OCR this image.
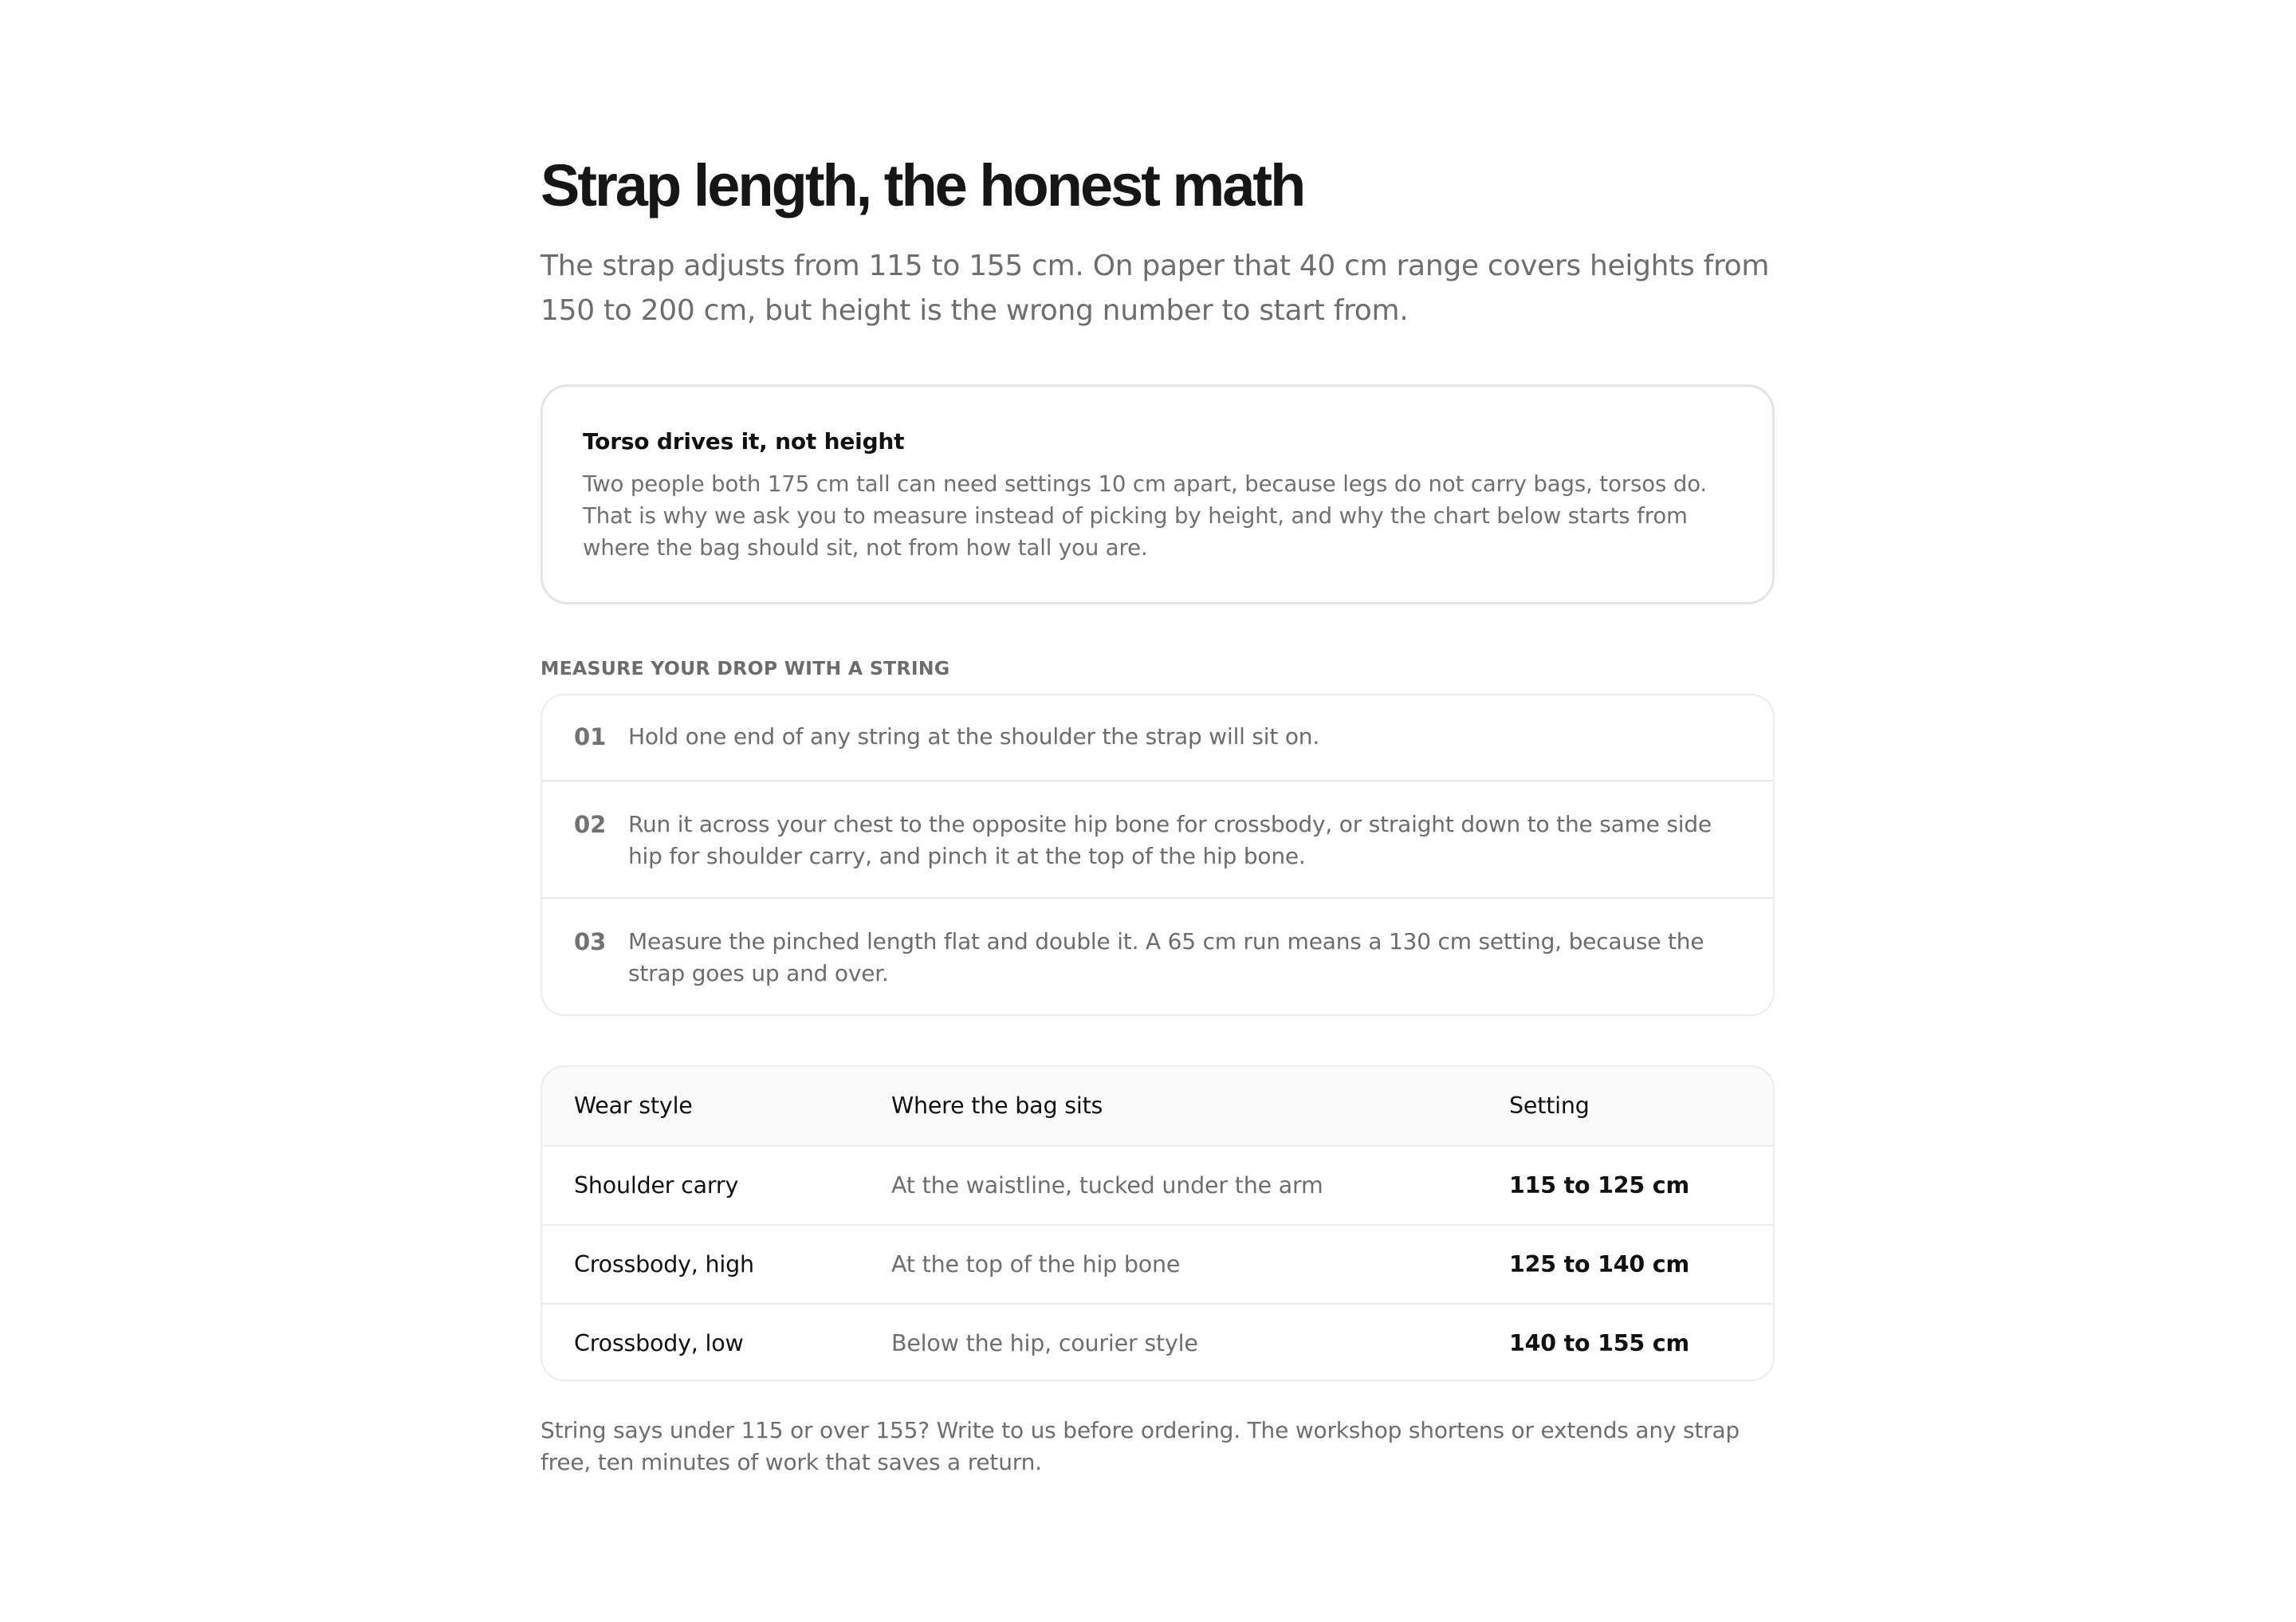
Strap length, the honest math

The strap adjusts from 115 to 155 cm. On paper that 40 cm range covers heights from 150 to 200 cm, but height is the wrong number to start from.

Torso drives it, not height

Two people both 175 cm tall can need settings 10 cm apart, because legs do not carry bags, torsos do. That is why we ask you to measure instead of picking by height, and why the chart below starts from where the bag should sit, not from how tall you are.

MEASURE YOUR DROP WITH A STRING
01 Hold one end of any string at the shoulder the strap will sit on.
02 Run it across your chest to the opposite hip bone for crossbody, or straight down to the same side hip for shoulder carry, and pinch it at the top of the hip bone.
03 Measure the pinched length flat and double it. A 65 cm run means a 130 cm setting, because the strap goes up and over.
Wear style	Where the bag sits	Setting
Shoulder carry	At the waistline, tucked under the arm	115 to 125 cm
Crossbody, high	At the top of the hip bone	125 to 140 cm
Crossbody, low	Below the hip, courier style	140 to 155 cm

String says under 115 or over 155? Write to us before ordering. The workshop shortens or extends any strap free, ten minutes of work that saves a return.
